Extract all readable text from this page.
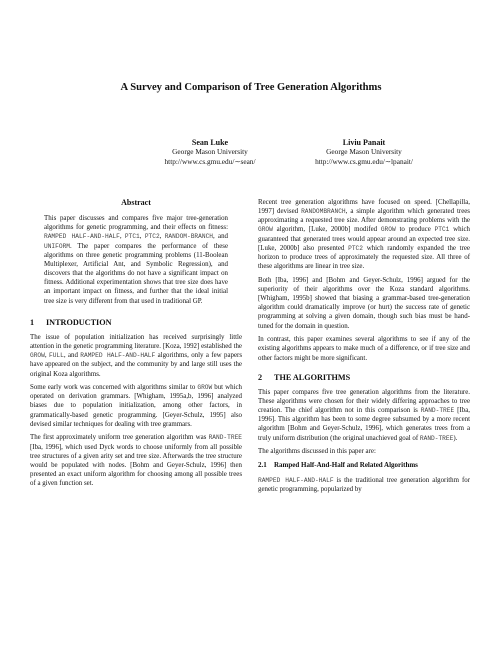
A Survey and Comparison of Tree Generation Algorithms
Sean Luke
George Mason University
http://www.cs.gmu.edu/∼sean/
Liviu Panait
George Mason University
http://www.cs.gmu.edu/∼lpanait/
Abstract

This paper discusses and compares five major tree-generation algorithms for genetic programming, and their effects on fitness: RAMPED HALF-AND-HALF, PTC1, PTC2, RANDOM-BRANCH, and UNIFORM. The paper compares the performance of these algorithms on three genetic programming problems (11-Boolean Multiplexer, Artificial Ant, and Symbolic Regression), and discovers that the algorithms do not have a significant impact on fitness. Additional experimentation shows that tree size does have an important impact on fitness, and further that the ideal initial tree size is very different from that used in traditional GP.

1 INTRODUCTION

The issue of population initialization has received surprisingly little attention in the genetic programming literature. [Koza, 1992] established the GROW, FULL, and RAMPED HALF-AND-HALF algorithms, only a few papers have appeared on the subject, and the community by and large still uses the original Koza algorithms.

Some early work was concerned with algorithms similar to GROW but which operated on derivation grammars. [Whigham, 1995a,b, 1996] analyzed biases due to population initialization, among other factors, in grammatically-based genetic programming. [Geyer-Schulz, 1995] also devised similar techniques for dealing with tree grammars.

The first approximately uniform tree generation algorithm was RAND-TREE [Iba, 1996], which used Dyck words to choose uniformly from all possible tree structures of a given arity set and tree size. Afterwards the tree structure would be populated with nodes. [Bohm and Geyer-Schulz, 1996] then presented an exact uniform algorithm for choosing among all possible trees of a given function set.

Recent tree generation algorithms have focused on speed. [Chellapilla, 1997] devised RANDOMBRANCH, a simple algorithm which generated trees approximating a requested tree size. After demonstrating problems with the GROW algorithm, [Luke, 2000b] modifed GROW to produce PTC1 which guaranteed that generated trees would appear around an expected tree size. [Luke, 2000b] also presented PTC2 which randomly expanded the tree horizon to produce trees of approximately the requested size. All three of these algorithms are linear in tree size.

Both [Iba, 1996] and [Bohm and Geyer-Schulz, 1996] argued for the superiority of their algorithms over the Koza standard algorithms. [Whigham, 1995b] showed that biasing a grammar-based tree-generation algorithm could dramatically improve (or hurt) the success rate of genetic programming at solving a given domain, though such bias must be hand-tuned for the domain in question.

In contrast, this paper examines several algorithms to see if any of the existing algorithms appears to make much of a difference, or if tree size and other factors might be more significant.

2 THE ALGORITHMS

This paper compares five tree generation algorithms from the literature. These algorithms were chosen for their widely differing approaches to tree creation. The chief algorithm not in this comparison is RAND-TREE [Iba, 1996]. This algorithm has been to some degree subsumed by a more recent algorithm [Bohm and Geyer-Schulz, 1996], which generates trees from a truly uniform distribution (the original unachieved goal of RAND-TREE).

The algorithms discussed in this paper are:

2.1 Ramped Half-And-Half and Related Algorithms

RAMPED HALF-AND-HALF is the traditional tree generation algorithm for genetic programming, popularized by
